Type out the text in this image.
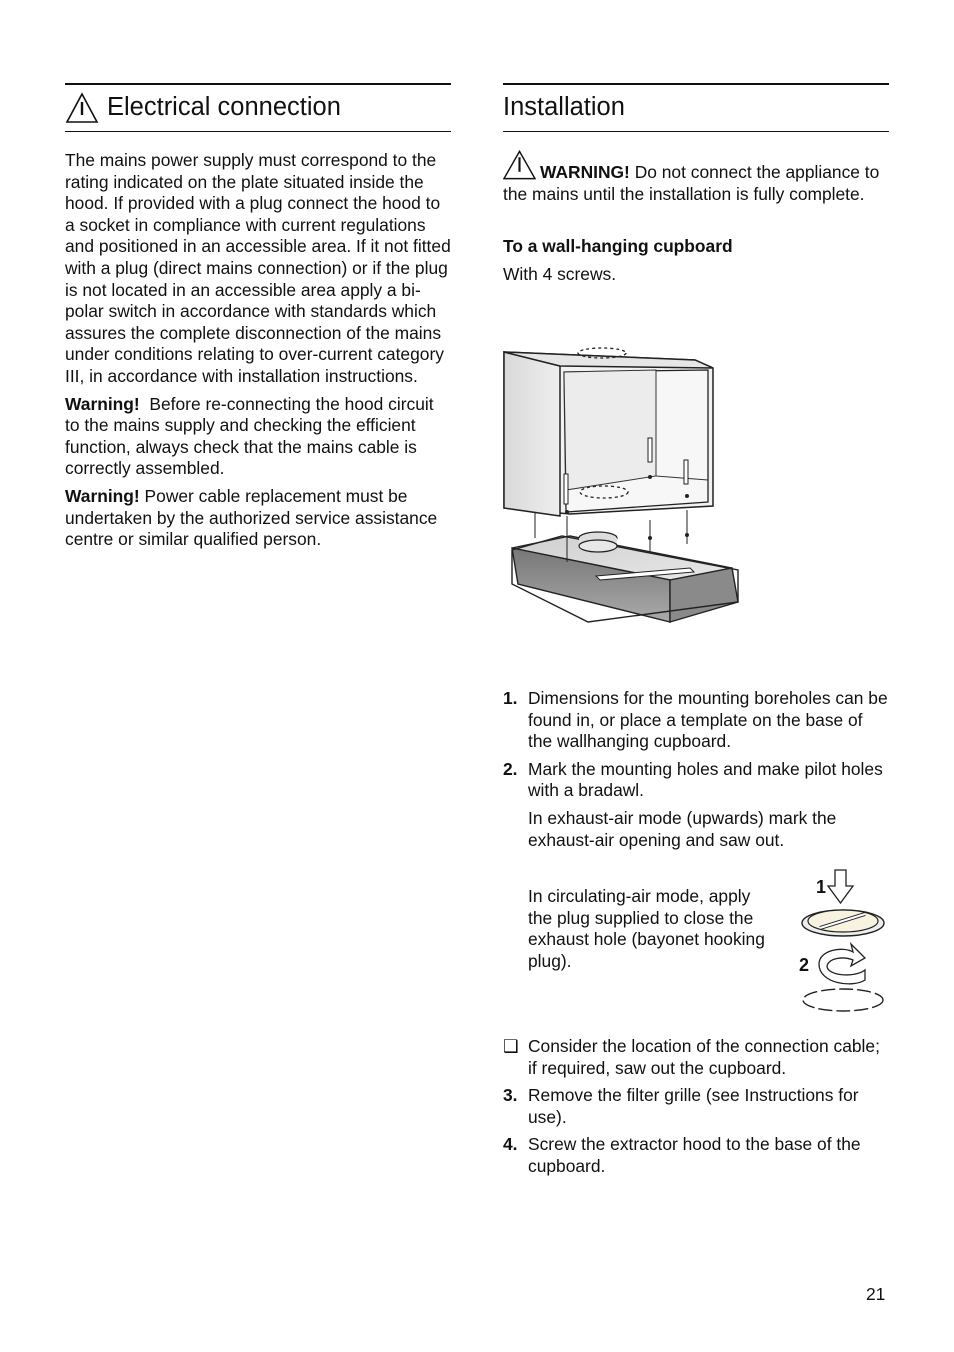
Electrical connection

The mains power supply must correspond to the rating indicated on the plate situated inside the hood. If provided with a plug connect the hood to a socket in compliance with current regulations and positioned in an accessible area. If it not fitted with a plug (direct mains connection) or if the plug is not located in an accessible area apply a bi-polar switch in accordance with standards which assures the complete disconnection of the mains under conditions relating to over-current category III, in accordance with installation instructions.

Warning! Before re-connecting the hood circuit to the mains supply and checking the efficient function, always check that the mains cable is correctly assembled.

Warning! Power cable replacement must be undertaken by the authorized service assistance centre or similar qualified person.

Installation

WARNING! Do not connect the appliance to the mains until the installation is fully complete.

To a wall-hanging cupboard

With 4 screws.

1. Dimensions for the mounting boreholes can be found in, or place a template on the base of the wallhanging cupboard.
2. Mark the mounting holes and make pilot holes with a bradawl.
In exhaust-air mode (upwards) mark the exhaust-air opening and saw out.

In circulating-air mode, apply the plug supplied to close the exhaust hole (bayonet hooking plug).

1
2
❑ Consider the location of the connection cable; if required, saw out the cupboard.
3. Remove the filter grille (see Instructions for use).
4. Screw the extractor hood to the base of the cupboard.
21
